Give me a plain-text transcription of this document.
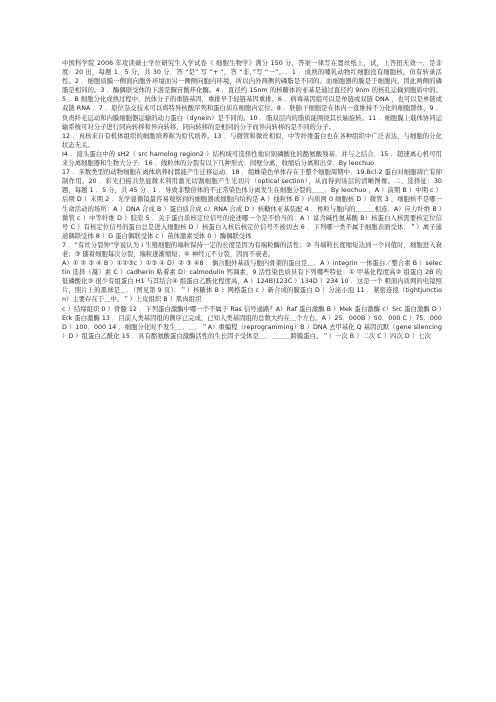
中国科学院 2006 年攻读硕士学位研究生入学试卷《 细胞生物学》满分 150 分，答案一律写在置丝纸上，试，上答扭无效一、是非度：20 田，每题 1．5 分，共 30 分．答 “是” 写 “+ ”，答 “非，”写 “一”。．．1 ．成熟的哺乳动物红细胞没有细胞核，但有转录活性。2 ．细胞质膜一侧面向胞外环境而另一侧侧向胞内环境，所以内外两侧的磷脂是不同的。而细胞器的膜是于细胞内，因此两侧的磷脂是相同的。3 ．酶偶联受体的下游是脲苷酸环化酶。4 ．直径约 15nm 的核糖体的亚基是通过直径约 9nm 的核孔运输到胞质中的。5 ．B 细胞分化成熟过程中，抗体分子的重链基因，重排早于轻链基因重排。6 ．病毒基因组可以是单链或双链 DNA ，也可以是单链或双链 RNA ．7 ．原位杂交技术可以将特异核酸序列和蛋白质在细胞内定位。8 ．胚胎干细胞是在体内一直维持不分化的细胞群体，9 ．负责纤毛运动和内膜细胞器运输的动力蛋白（dynein）是不同的。10 ．脂双层内的脂质能围绕其长轴旋转。11 ．细胞膜上载体协同运输系统可对分子进行同向转移和异向转移，同向转移的是相同的分子而异向转移的是不同的分子。

12 ．真核来自有机体组织的细胞培养称为原代培养。13 ．与微管和微丝相似，中等纤维蛋白也在各种组织中广泛表达，与细胞的分化状态无关。

I4 ．接头蛋白中的 sH2（ src hamolog region2 ）结构域可选择性地识别磷酸化的酪氨酸残基．并与之结合．15 ．超速离心机可用来分离细胞器和生物大分子．16 ．线粒体的分裂有以下几种形式：间壁分离，收缩后分离和出芽．By leochuo

17 ．多数类型的动物细胞在离体培养时都能产生迁移运动．18 ．组蛛染色单体存在于整个细胞周期中．19.Bcl-2 蛋白对细胞凋亡有抑制作用。20 ．彩光扫描共焦显微术利用激光切割细胞产生光切片（optical section），从而得到该层的清晰图像。二、选择征：30 题，每题 1 ．5 分，共 45 分．1 ．导致非整倍体的不正常染色体分离发生在细胞分裂的＿＿．By leochuo ，A ）前期 B ）中期 c ）后期 D ）末期 2 ．光学显微镜最容易观察到的细胞器或细胞内给构是 A ）线粒体 B ）内质网 0 细胞核 D ）微管 3 ，细胞核不是哪一生命活动的场所：A ）DNA 合成 B ）蛋白质合成 c）RNA 合成 D ）核糖体亚基装配 4 ．桥粒与胞内的＿＿＿相连．A）应力纤维 B ）微管 c ）中等纤维 D ）胶原 5 ．关于蛋白质核定位信号的论述哪一个是不恰当的：A ）富含碱性氨基酸 B）核蛋白入核需要核定位信号 C ）有核定位信号的蛋白总是进入细胞核 D ）核蛋白入核后核定位信号不被切去 6 ．下列哪一类不属于细胞表面受体．＂）离子通道偶联受体 8 ）G 蛋白偶联受体 c ）苗体激素受体 0 ）酶偶联受体

7 ．“有丝分裂钟”学说认为 i 生殖细胞的端粒保持一定的长度是因为有端粒酶的活性；② 当端粒长度缩短达到一个问值时，细胞进入衰老；③ 随着细胞每次分裂，端粒逐渐缩短；④ 神经元不分裂，因而不衰老。

A）① ② ③ ④ B ）①②③c ）①③ ④ D）② ③ ④8 ．偶合胞外基质与胞内骨架的蛋白是＿．A ）integrin 一体蛋白／整合素 B ）selectin 选择（凝）素 C ）cadherin 粘着素 D）calmodulin 钙调素，9 活性染色质具有下列哪些特征：① 甲基化程度高② 组蛋白 2B 的低磷酸化③ 很少有组蛋白 H1 与其结合④ 组蛋白乙酰化程度高，A ）124B)123C ）134D ）234 10 ．这是一个 粗面内质网的电镜照片，照片上的黑球是＿．（图见第 9 页）．＂）核糖体 B ）网格蛋白 c ）新合成的膜蛋白 D ）分泌小泡 11 ．紧密连接（tightjunction）主要存在于＿中。＂）上皮组织 B ）肌肉组织

c ）结缔组织 0 ）骨髓 12 ．下列蛋白激酶中哪一个不属于 Ras 信号通路？A）Raf 蛋白激酶 B ）Mek 蛋白激酶 c）Src 蛋白激酶 D ）Erk 蛋白激酶 13 ．目前人类基因组的侧序已完成，已知人类基因组的总数大约在＿个左右。A ）25．000B ）50．000 C ）75．000D ）100．000 14 ．细胞分化时不发生＿．＿．＂A）重编程（reprogramming）B ）DNA 去甲基化 Q 基因沉默（gene silencing ）D ）组蛋白乙酰化 15 ．具有酪氨酸蛋白激酶活性的生长因子受体是＿．＿＿＿跨膜蛋白。＂）一次 B ）二次 C ）四次 D ）七次
